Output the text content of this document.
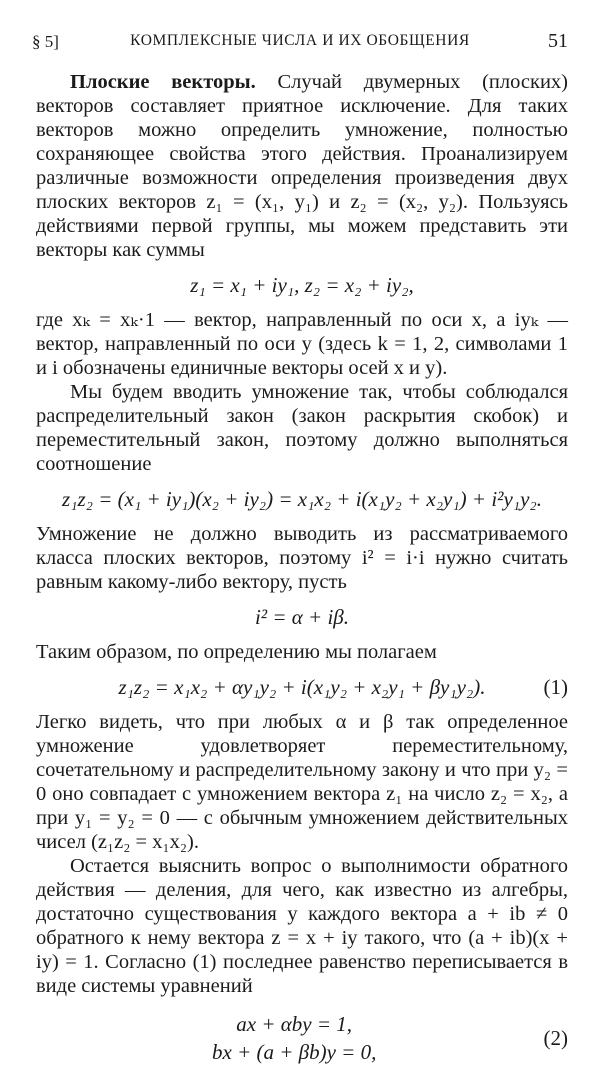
§ 5]	КОМПЛЕКСНЫЕ ЧИСЛА И ИХ ОБОБЩЕНИЯ	51

Плоские векторы. Случай двумерных (плоских) векторов составляет приятное исключение. Для таких векторов можно определить умножение, полностью сохраняющее свойства этого действия. Проанализируем различные возможности определения произведения двух плоских векторов z₁ = (x₁, y₁) и z₂ = (x₂, y₂). Пользуясь действиями первой группы, мы можем представить эти векторы как суммы

z₁ = x₁ + iy₁, z₂ = x₂ + iy₂,

где xₖ = xₖ·1 — вектор, направленный по оси x, а iyₖ — вектор, направленный по оси y (здесь k = 1, 2, символами 1 и i обозначены единичные векторы осей x и y).

Мы будем вводить умножение так, чтобы соблюдался распределительный закон (закон раскрытия скобок) и переместительный закон, поэтому должно выполняться соотношение

z₁z₂ = (x₁ + iy₁)(x₂ + iy₂) = x₁x₂ + i(x₁y₂ + x₂y₁) + i²y₁y₂.

Умножение не должно выводить из рассматриваемого класса плоских векторов, поэтому i² = i·i нужно считать равным какому-либо вектору, пусть

i² = α + iβ.

Таким образом, по определению мы полагаем

z₁z₂ = x₁x₂ + αy₁y₂ + i(x₁y₂ + x₂y₁ + βy₁y₂).	(1)

Легко видеть, что при любых α и β так определенное умножение удовлетворяет переместительному, сочетательному и распределительному закону и что при y₂ = 0 оно совпадает с умножением вектора z₁ на число z₂ = x₂, а при y₁ = y₂ = 0 — с обычным умножением действительных чисел (z₁z₂ = x₁x₂).

Остается выяснить вопрос о выполнимости обратного действия — деления, для чего, как известно из алгебры, достаточно существования у каждого вектора a + ib ≠ 0 обратного к нему вектора z = x + iy такого, что (a + ib)(x + iy) = 1. Согласно (1) последнее равенство переписывается в виде системы уравнений

ax + αby = 1,
bx + (a + βb)y = 0,
(2)
